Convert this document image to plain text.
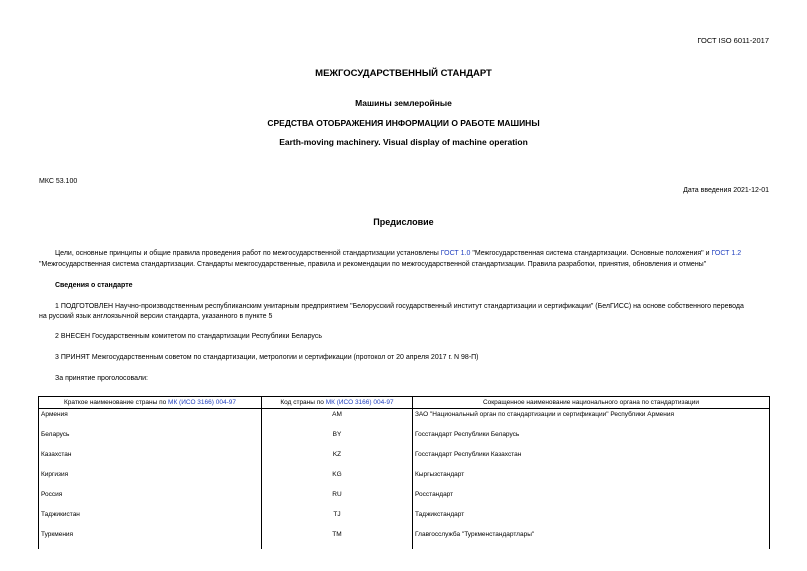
ГОСТ ISO 6011-2017
МЕЖГОСУДАРСТВЕННЫЙ СТАНДАРТ
Машины землеройные
СРЕДСТВА ОТОБРАЖЕНИЯ ИНФОРМАЦИИ О РАБОТЕ МАШИНЫ
Earth-moving machinery. Visual display of machine operation
МКС 53.100
Дата введения 2021-12-01
Предисловие
Цели, основные принципы и общие правила проведения работ по межгосударственной стандартизации установлены ГОСТ 1.0 "Межгосударственная система стандартизации. Основные положения" и ГОСТ 1.2
"Межгосударственная система стандартизации. Стандарты межгосударственные, правила и рекомендации по межгосударственной стандартизации. Правила разработки, принятия, обновления и отмены"
Сведения о стандарте
1 ПОДГОТОВЛЕН Научно-производственным республиканским унитарным предприятием "Белорусский государственный институт стандартизации и сертификации" (БелГИСС) на основе собственного перевода
на русский язык англоязычной версии стандарта, указанного в пункте 5
2 ВНЕСЕН Государственным комитетом по стандартизации Республики Беларусь
3 ПРИНЯТ Межгосударственным советом по стандартизации, метрологии и сертификации (протокол от 20 апреля 2017 г. N 98-П)
За принятие проголосовали:
Краткое наименование страны по МК (ИСО 3166) 004-97	Код страны по МК (ИСО 3166) 004-97	Сокращенное наименование национального органа по стандартизации
Армения	AM	ЗАО "Национальный орган по стандартизации и сертификации" Республики Армения
Беларусь	BY	Госстандарт Республики Беларусь
Казахстан	KZ	Госстандарт Республики Казахстан
Киргизия	KG	Кыргызстандарт
Россия	RU	Росстандарт
Таджикистан	TJ	Таджикстандарт
Туркмения	TM	Главгосслужба "Туркменстандартлары"
